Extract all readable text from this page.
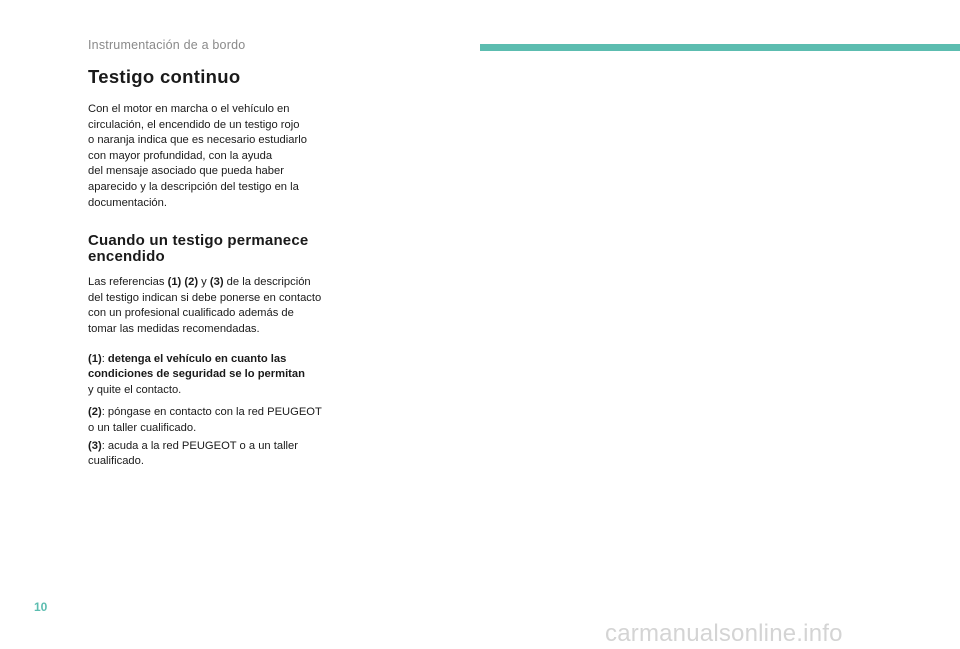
Instrumentación de a bordo
Testigo continuo

Con el motor en marcha o el vehículo en
circulación, el encendido de un testigo rojo
o naranja indica que es necesario estudiarlo
con mayor profundidad, con la ayuda
del mensaje asociado que pueda haber
aparecido y la descripción del testigo en la
documentación.

Cuando un testigo permanece
encendido

Las referencias (1) (2) y (3) de la descripción
del testigo indican si debe ponerse en contacto
con un profesional cualificado además de
tomar las medidas recomendadas.

(1): detenga el vehículo en cuanto las
condiciones de seguridad se lo permitan
y quite el contacto.

(2): póngase en contacto con la red PEUGEOT
o un taller cualificado.

(3): acuda a la red PEUGEOT o a un taller
cualificado.

10
carmanualsonline.info
